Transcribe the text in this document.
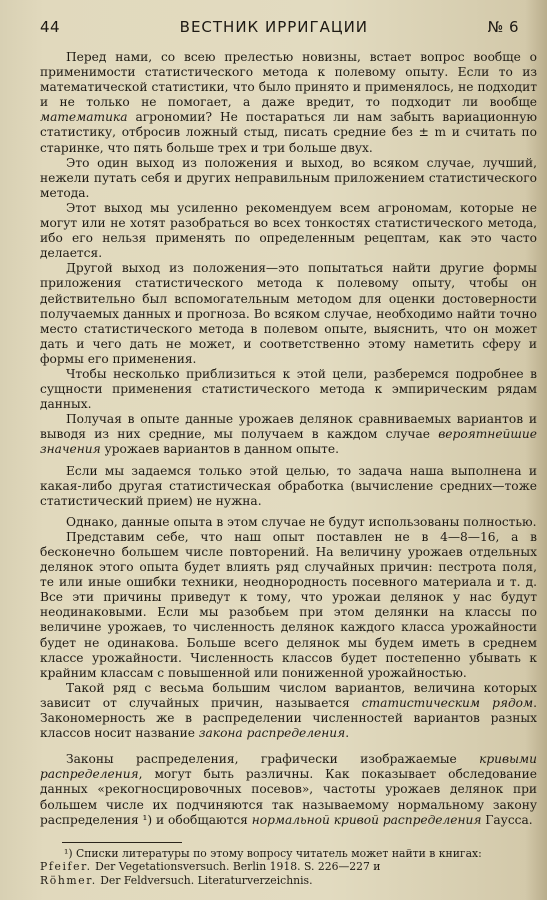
44	ВЕСТНИК ИРРИГАЦИИ	№ 6

Перед нами, со всею прелестью новизны, встает вопрос вообще о применимости статистического метода к полевому опыту. Если то из математической статистики, что было принято и применялось, не подходит и не только не помогает, а даже вредит, то подходит ли вообще математика агрономии? Не постараться ли нам забыть вариационную статистику, отбросив ложный стыд, писать средние без ± m и считать по старинке, что пять больше трех и три больше двух.

Это один выход из положения и выход, во всяком случае, лучший, нежели путать себя и других неправильным приложением статистического метода.

Этот выход мы усиленно рекомендуем всем агрономам, которые не могут или не хотят разобраться во всех тонкостях статистического метода, ибо его нельзя применять по определенным рецептам, как это часто делается.

Другой выход из положения—это попытаться найти другие формы приложения статистического метода к полевому опыту, чтобы он действительно был вспомогательным методом для оценки достоверности получаемых данных и прогноза. Во всяком случае, необходимо найти точно место статистического метода в полевом опыте, выяснить, что он может дать и чего дать не может, и соответственно этому наметить сферу и формы его применения.

Чтобы несколько приблизиться к этой цели, разберемся подробнее в сущности применения статистического метода к эмпирическим рядам данных.

Получая в опыте данные урожаев делянок сравниваемых вариантов и выводя из них средние, мы получаем в каждом случае вероятнейшие значения урожаев вариантов в данном опыте.

Если мы задаемся только этой целью, то задача наша выполнена и какая-либо другая статистическая обработка (вычисление средних—тоже статистический прием) не нужна.

Однако, данные опыта в этом случае не будут использованы полностью.

Представим себе, что наш опыт поставлен не в 4—8—16, а в бесконечно большем числе повторений. На величину урожаев отдельных делянок этого опыта будет влиять ряд случайных причин: пестрота поля, те или иные ошибки техники, неоднородность посевного материала и т. д. Все эти причины приведут к тому, что урожаи делянок у нас будут неодинаковыми. Если мы разобьем при этом делянки на классы по величине урожаев, то численность делянок каждого класса урожайности будет не одинакова. Больше всего делянок мы будем иметь в среднем классе урожайности. Численность классов будет постепенно убывать к крайним классам с повышенной или пониженной урожайностью.

Такой ряд с весьма большим числом вариантов, величина которых зависит от случайных причин, называется статистическим рядом. Закономерность же в распределении численностей вариантов разных классов носит название закона распределения.

Законы распределения, графически изображаемые кривыми распределения, могут быть различны. Как показывает обследование данных «рекогносцировочных посевов», частоты урожаев делянок при большем числе их подчиняются так называемому нормальному закону распределения ¹) и обобщаются нормальной кривой распределения Гаусса.

¹) Списки литературы по этому вопросу читатель может найти в книгах:

Pfeifer. Der Vegetationsversuch. Berlin 1918. S. 226—227 и

Röhmer. Der Feldversuch. Literaturverzeichnis.
